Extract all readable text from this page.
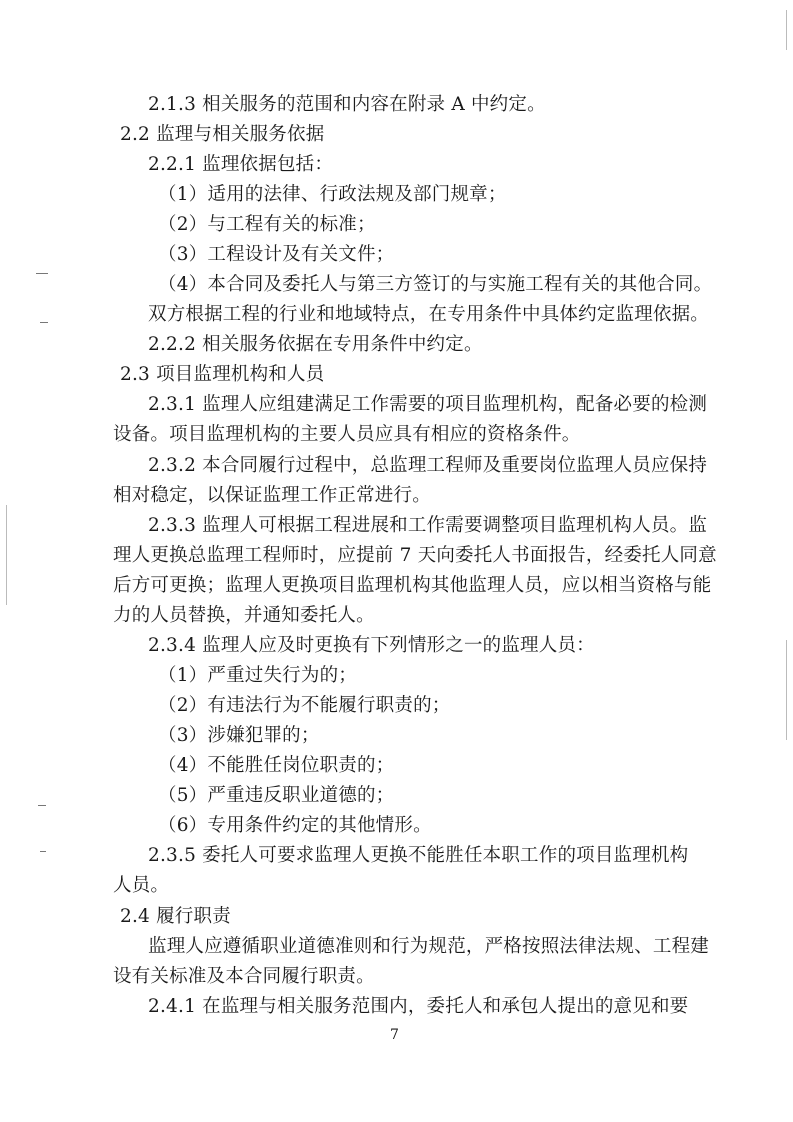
2.1.3 相关服务的范围和内容在附录 A 中约定。
2.2 监理与相关服务依据
2.2.1 监理依据包括：
（1）适用的法律、行政法规及部门规章；
（2）与工程有关的标准；
（3）工程设计及有关文件；
（4）本合同及委托人与第三方签订的与实施工程有关的其他合同。
双方根据工程的行业和地域特点，在专用条件中具体约定监理依据。
2.2.2 相关服务依据在专用条件中约定。
2.3 项目监理机构和人员
2.3.1 监理人应组建满足工作需要的项目监理机构，配备必要的检测
设备。项目监理机构的主要人员应具有相应的资格条件。
2.3.2 本合同履行过程中，总监理工程师及重要岗位监理人员应保持
相对稳定，以保证监理工作正常进行。
2.3.3 监理人可根据工程进展和工作需要调整项目监理机构人员。监
理人更换总监理工程师时，应提前 7 天向委托人书面报告，经委托人同意
后方可更换；监理人更换项目监理机构其他监理人员，应以相当资格与能
力的人员替换，并通知委托人。
2.3.4 监理人应及时更换有下列情形之一的监理人员：
（1）严重过失行为的；
（2）有违法行为不能履行职责的；
（3）涉嫌犯罪的；
（4）不能胜任岗位职责的；
（5）严重违反职业道德的；
（6）专用条件约定的其他情形。
2.3.5 委托人可要求监理人更换不能胜任本职工作的项目监理机构
人员。
2.4 履行职责
监理人应遵循职业道德准则和行为规范，严格按照法律法规、工程建
设有关标准及本合同履行职责。
2.4.1 在监理与相关服务范围内，委托人和承包人提出的意见和要
7
